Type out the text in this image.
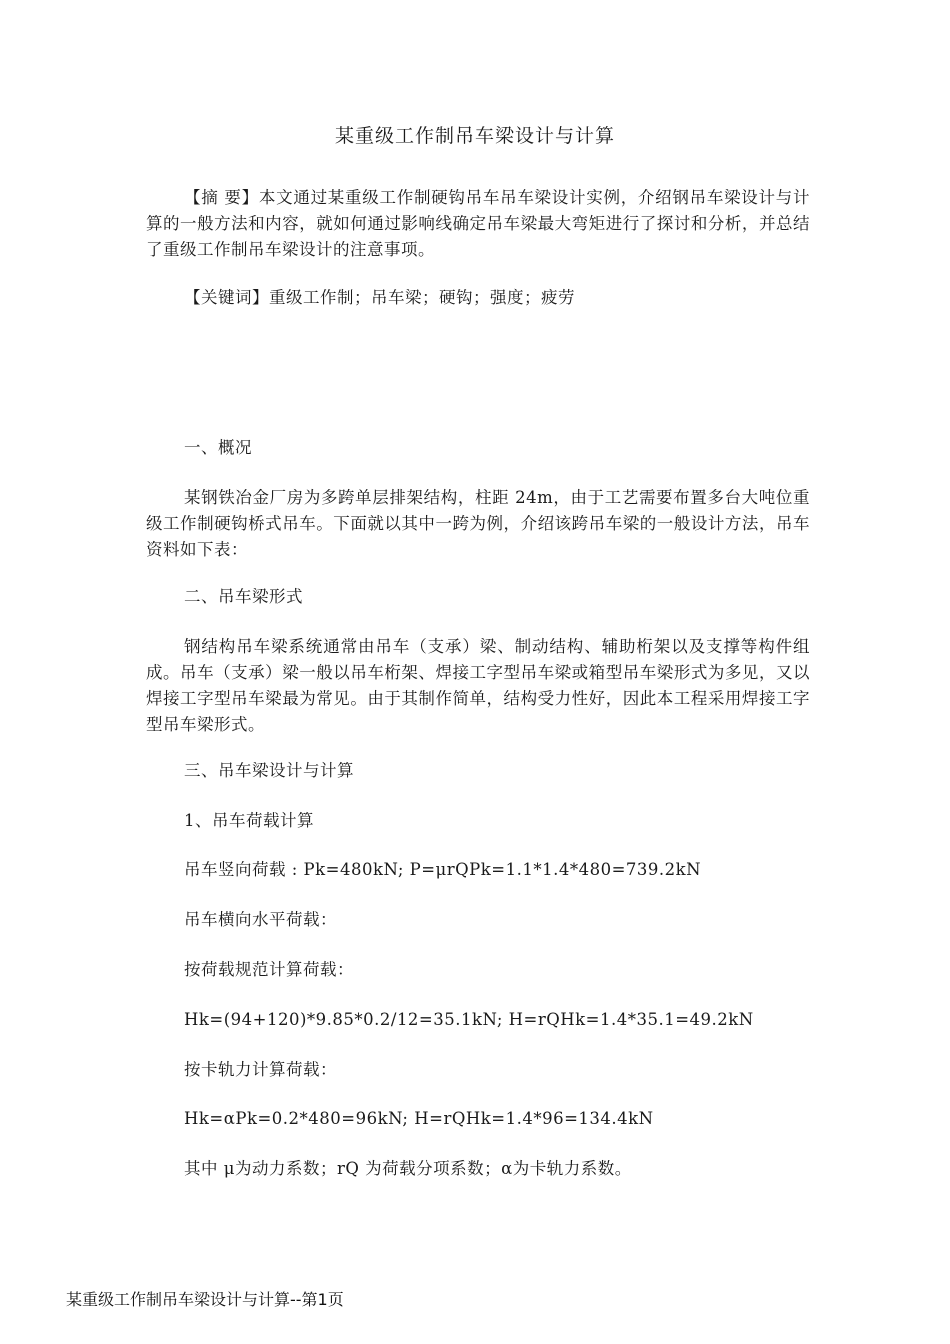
某重级工作制吊车梁设计与计算

【摘 要】本文通过某重级工作制硬钩吊车吊车梁设计实例，介绍钢吊车梁设计与计算的一般方法和内容，就如何通过影响线确定吊车梁最大弯矩进行了探讨和分析，并总结了重级工作制吊车梁设计的注意事项。

【关键词】重级工作制；吊车梁；硬钩；强度；疲劳

一、概况

某钢铁冶金厂房为多跨单层排架结构，柱距 24m，由于工艺需要布置多台大吨位重级工作制硬钩桥式吊车。下面就以其中一跨为例，介绍该跨吊车梁的一般设计方法，吊车资料如下表：

二、吊车梁形式

钢结构吊车梁系统通常由吊车（支承）梁、制动结构、辅助桁架以及支撑等构件组成。吊车（支承）梁一般以吊车桁架、焊接工字型吊车梁或箱型吊车梁形式为多见，又以焊接工字型吊车梁最为常见。由于其制作简单，结构受力性好，因此本工程采用焊接工字型吊车梁形式。

三、吊车梁设计与计算

1、吊车荷载计算

吊车竖向荷载 : Pk=480kN; P=μrQPk=1.1*1.4*480=739.2kN

吊车横向水平荷载：

按荷载规范计算荷载：

Hk=(94+120)*9.85*0.2/12=35.1kN; H=rQHk=1.4*35.1=49.2kN

按卡轨力计算荷载：

Hk=αPk=0.2*480=96kN; H=rQHk=1.4*96=134.4kN

其中 μ为动力系数；rQ 为荷载分项系数；α为卡轨力系数。

某重级工作制吊车梁设计与计算--第1页
